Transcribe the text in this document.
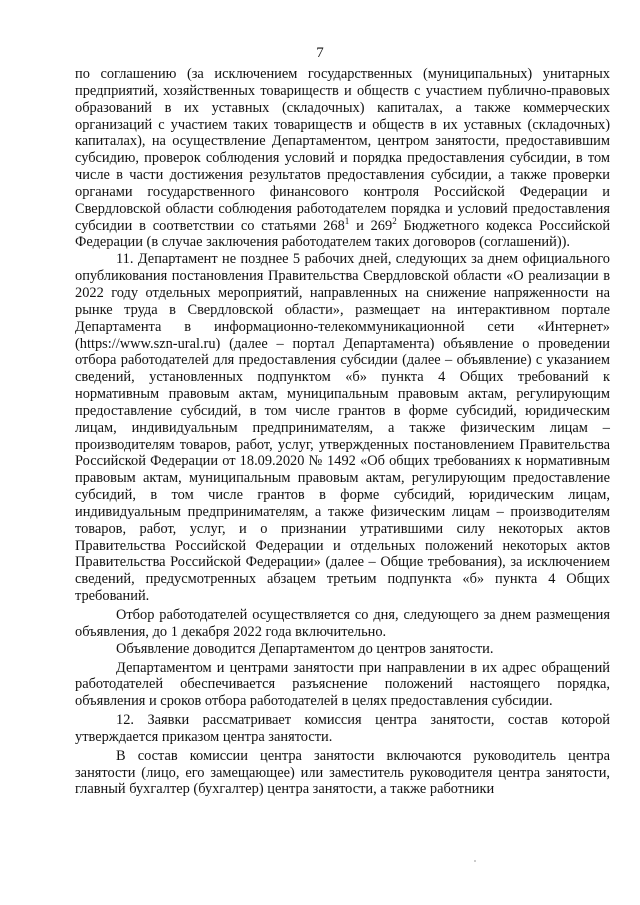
7

по соглашению (за исключением государственных (муниципальных) унитарных предприятий, хозяйственных товариществ и обществ с участием публично-правовых образований в их уставных (складочных) капиталах, а также коммерческих организаций с участием таких товариществ и обществ в их уставных (складочных) капиталах), на осуществление Департаментом, центром занятости, предоставившим субсидию, проверок соблюдения условий и порядка предоставления субсидии, в том числе в части достижения результатов предоставления субсидии, а также проверки органами государственного финансового контроля Российской Федерации и Свердловской области соблюдения работодателем порядка и условий предоставления субсидии в соответствии со статьями $268^1$ и $269^2$ Бюджетного кодекса Российской Федерации (в случае заключения работодателем таких договоров (соглашений)).

11. Департамент не позднее 5 рабочих дней, следующих за днем официального опубликования постановления Правительства Свердловской области «О реализации в 2022 году отдельных мероприятий, направленных на снижение напряженности на рынке труда в Свердловской области», размещает на интерактивном портале Департамента в информационно-телекоммуникационной сети «Интернет» (https://www.szn-ural.ru) (далее – портал Департамента) объявление о проведении отбора работодателей для предоставления субсидии (далее – объявление) с указанием сведений, установленных подпунктом «б» пункта 4 Общих требований к нормативным правовым актам, муниципальным правовым актам, регулирующим предоставление субсидий, в том числе грантов в форме субсидий, юридическим лицам, индивидуальным предпринимателям, а также физическим лицам – производителям товаров, работ, услуг, утвержденных постановлением Правительства Российской Федерации от 18.09.2020 № 1492 «Об общих требованиях к нормативным правовым актам, муниципальным правовым актам, регулирующим предоставление субсидий, в том числе грантов в форме субсидий, юридическим лицам, индивидуальным предпринимателям, а также физическим лицам – производителям товаров, работ, услуг, и о признании утратившими силу некоторых актов Правительства Российской Федерации и отдельных положений некоторых актов Правительства Российской Федерации» (далее – Общие требования), за исключением сведений, предусмотренных абзацем третьим подпункта «б» пункта 4 Общих требований.

Отбор работодателей осуществляется со дня, следующего за днем размещения объявления, до 1 декабря 2022 года включительно.

Объявление доводится Департаментом до центров занятости.

Департаментом и центрами занятости при направлении в их адрес обращений работодателей обеспечивается разъяснение положений настоящего порядка, объявления и сроков отбора работодателей в целях предоставления субсидии.

12. Заявки рассматривает комиссия центра занятости, состав которой утверждается приказом центра занятости.

В состав комиссии центра занятости включаются руководитель центра занятости (лицо, его замещающее) или заместитель руководителя центра занятости, главный бухгалтер (бухгалтер) центра занятости, а также работники
